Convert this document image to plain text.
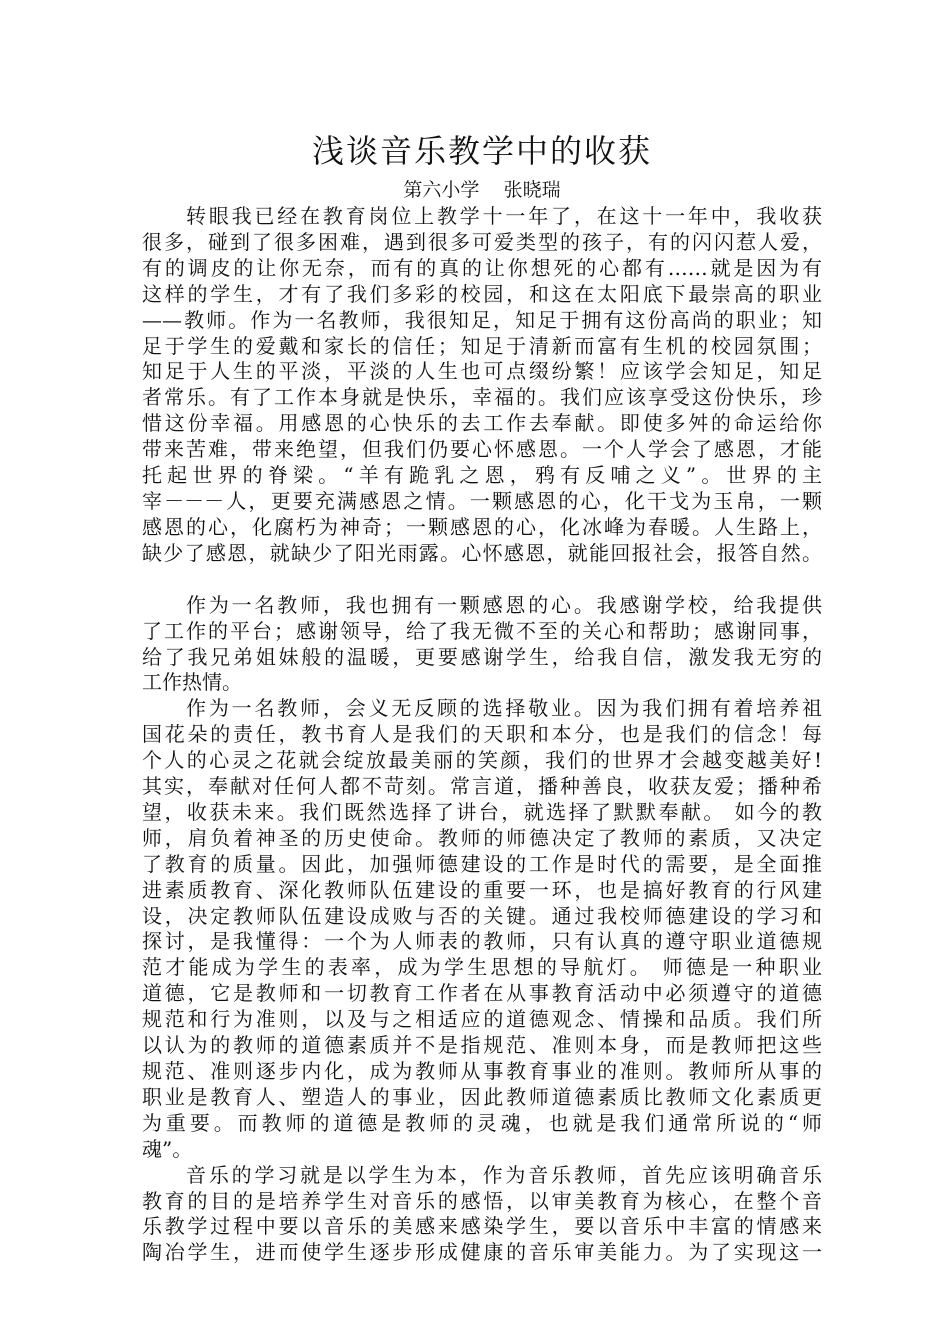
浅谈音乐教学中的收获
第六小学    张晓瑞
转眼我已经在教育岗位上教学十一年了，在这十一年中，我收获
很多，碰到了很多困难，遇到很多可爱类型的孩子，有的闪闪惹人爱，
有的调皮的让你无奈，而有的真的让你想死的心都有……就是因为有
这样的学生，才有了我们多彩的校园，和这在太阳底下最崇高的职业
——教师。作为一名教师，我很知足，知足于拥有这份高尚的职业；知
足于学生的爱戴和家长的信任；知足于清新而富有生机的校园氛围；
知足于人生的平淡，平淡的人生也可点缀纷繁！应该学会知足，知足
者常乐。有了工作本身就是快乐，幸福的。我们应该享受这份快乐，珍
惜这份幸福。用感恩的心快乐的去工作去奉献。即使多舛的命运给你
带来苦难，带来绝望，但我们仍要心怀感恩。一个人学会了感恩，才能
托起世界的脊梁。“羊有跪乳之恩，鸦有反哺之义”。世界的主
宰－－－人，更要充满感恩之情。一颗感恩的心，化干戈为玉帛，一颗
感恩的心，化腐朽为神奇；一颗感恩的心，化冰峰为春暖。人生路上，
缺少了感恩，就缺少了阳光雨露。心怀感恩，就能回报社会，报答自然。
作为一名教师，我也拥有一颗感恩的心。我感谢学校，给我提供
了工作的平台；感谢领导，给了我无微不至的关心和帮助；感谢同事，
给了我兄弟姐妹般的温暖，更要感谢学生，给我自信，激发我无穷的
工作热情。
作为一名教师，会义无反顾的选择敬业。因为我们拥有着培养祖
国花朵的责任，教书育人是我们的天职和本分，也是我们的信念！每
个人的心灵之花就会绽放最美丽的笑颜，我们的世界才会越变越美好!
其实，奉献对任何人都不苛刻。常言道，播种善良，收获友爱；播种希
望，收获未来。我们既然选择了讲台，就选择了默默奉献。 如今的教
师，肩负着神圣的历史使命。教师的师德决定了教师的素质，又决定
了教育的质量。因此，加强师德建设的工作是时代的需要，是全面推
进素质教育、深化教师队伍建设的重要一环，也是搞好教育的行风建
设，决定教师队伍建设成败与否的关键。通过我校师德建设的学习和
探讨，是我懂得：一个为人师表的教师，只有认真的遵守职业道德规
范才能成为学生的表率，成为学生思想的导航灯。 师德是一种职业
道德，它是教师和一切教育工作者在从事教育活动中必须遵守的道德
规范和行为准则，以及与之相适应的道德观念、情操和品质。我们所
以认为的教师的道德素质并不是指规范、准则本身，而是教师把这些
规范、准则逐步内化，成为教师从事教育事业的准则。教师所从事的
职业是教育人、塑造人的事业，因此教师道德素质比教师文化素质更
为重要。而教师的道德是教师的灵魂，也就是我们通常所说的“师
魂”。
音乐的学习就是以学生为本，作为音乐教师，首先应该明确音乐
教育的目的是培养学生对音乐的感悟，以审美教育为核心，在整个音
乐教学过程中要以音乐的美感来感染学生，要以音乐中丰富的情感来
陶冶学生，进而使学生逐步形成健康的音乐审美能力。为了实现这一
